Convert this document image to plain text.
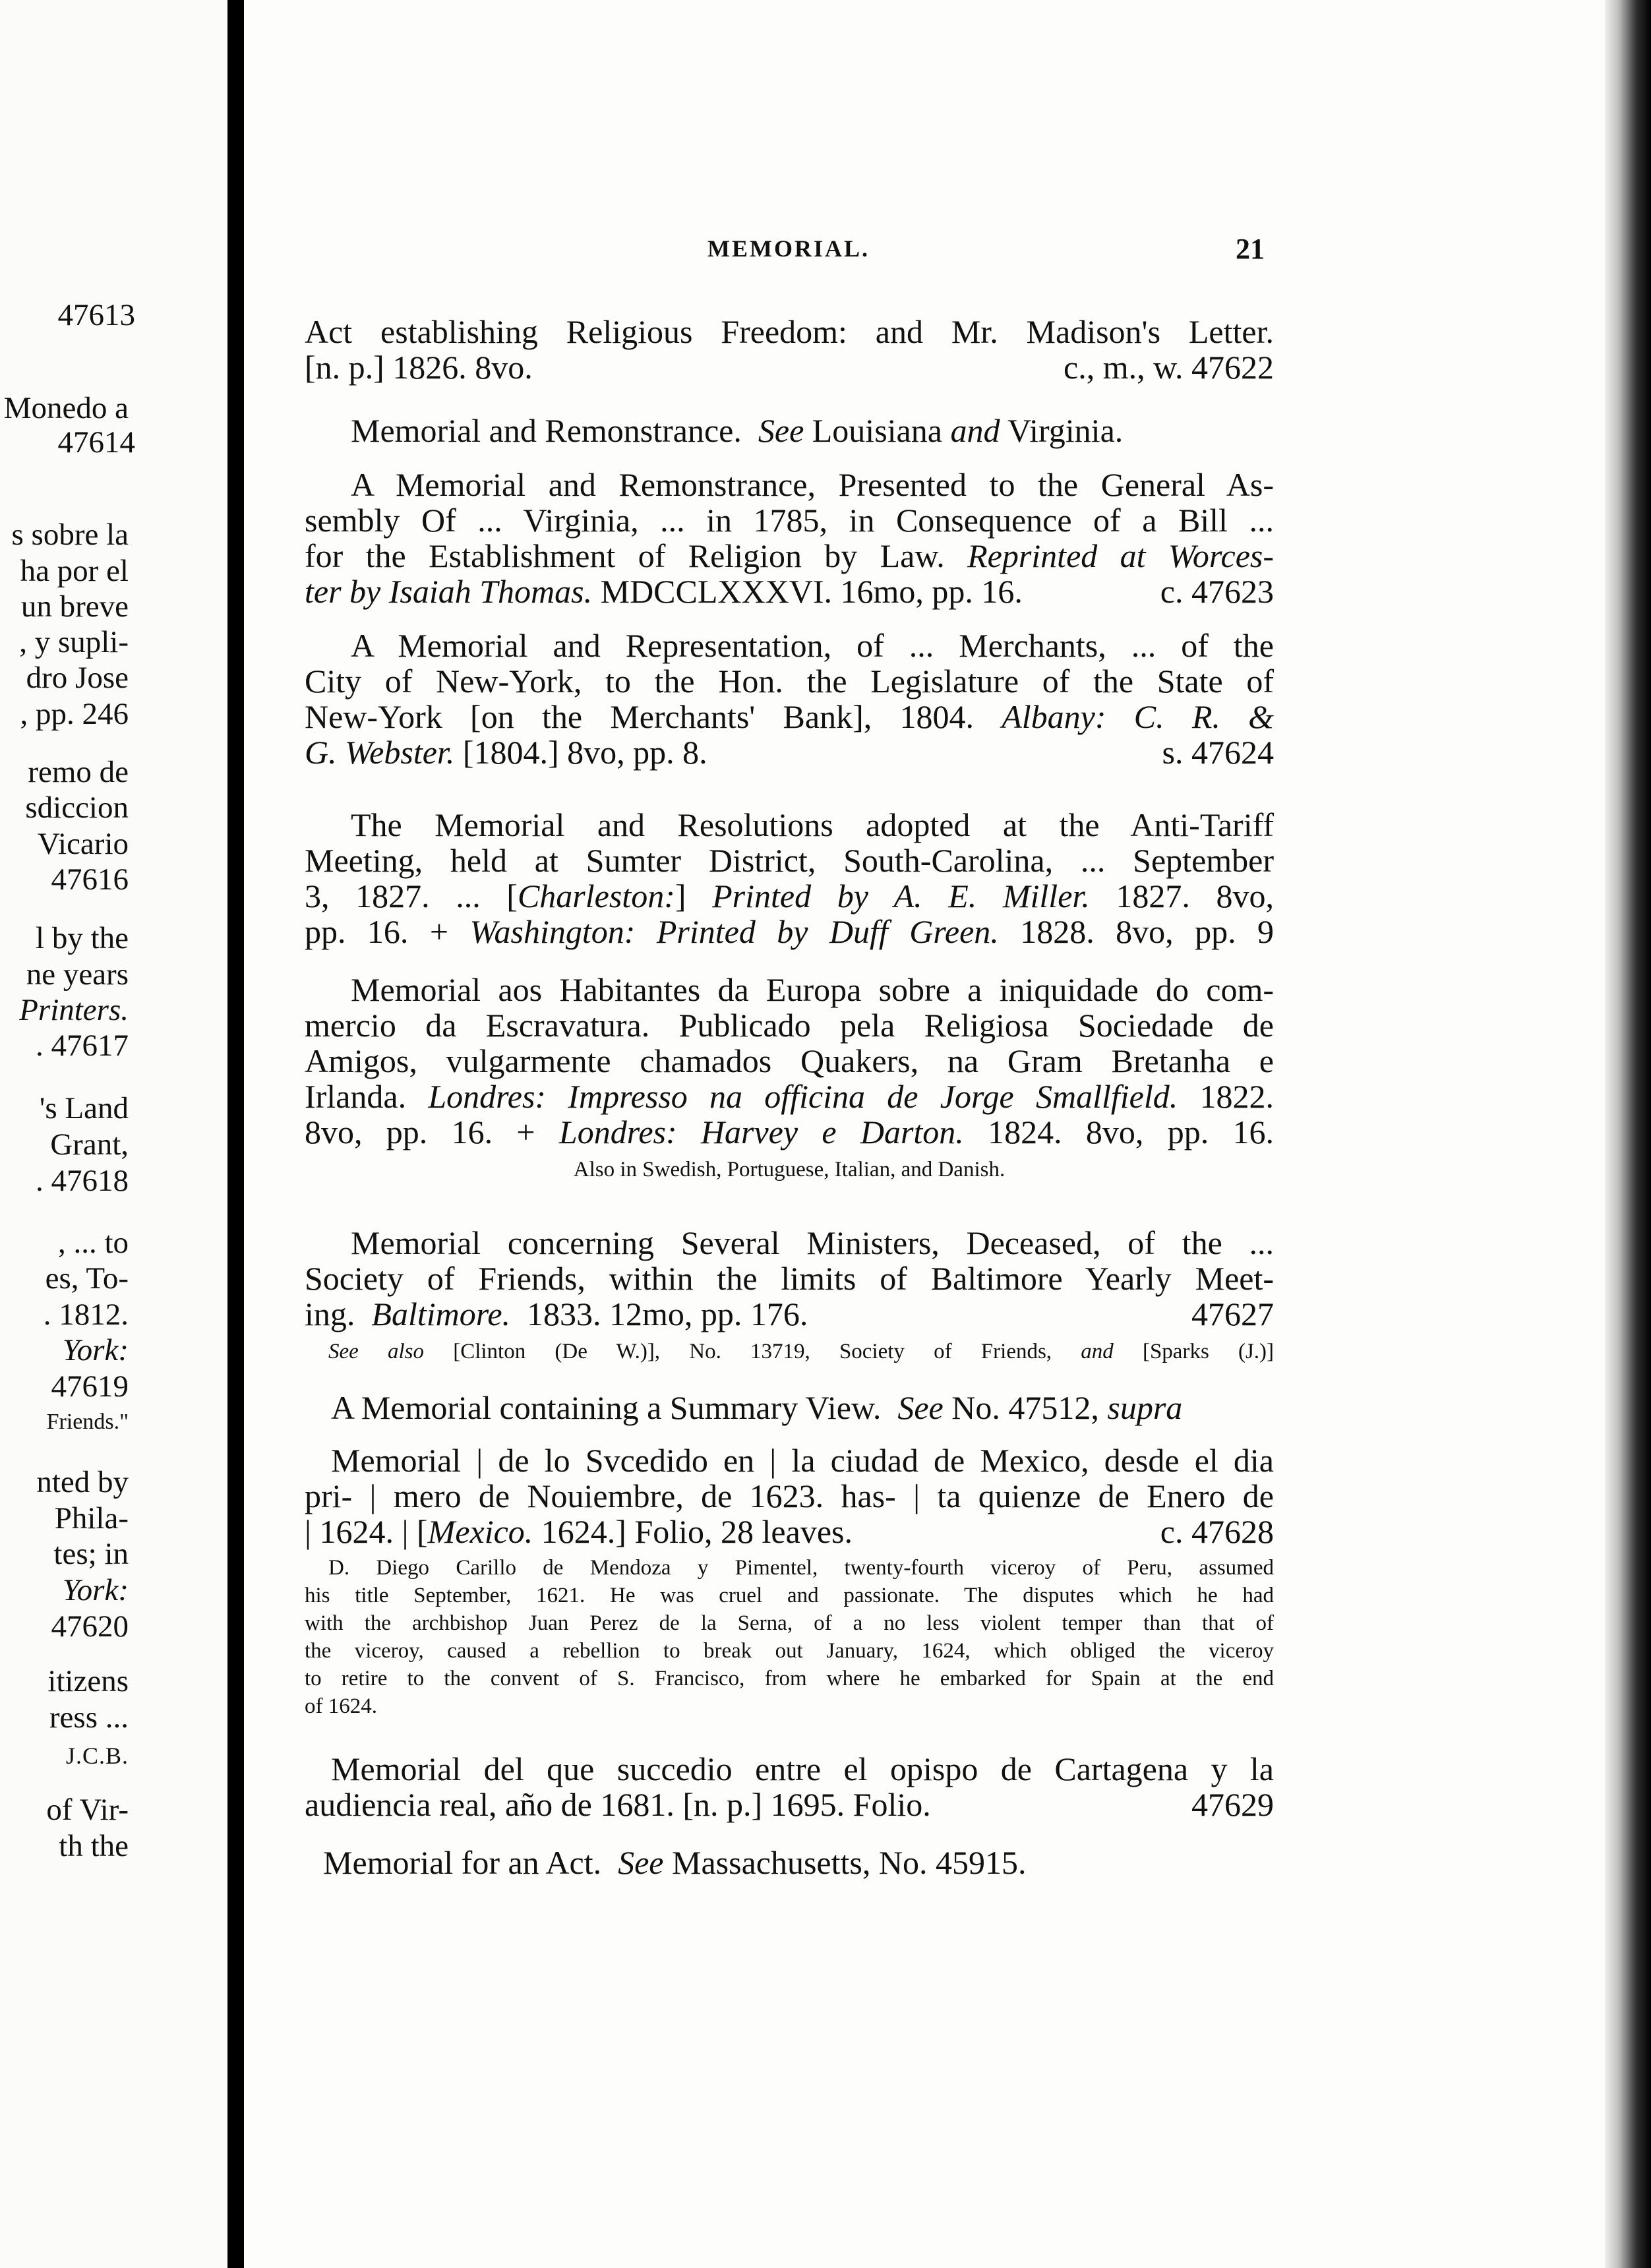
47613
Monedo a
47614
s sobre la
ha por el
un breve
, y supli-
dro Jose
, pp. 246
remo de
sdiccion
Vicario
47616
l by the
ne years
Printers.
. 47617
's Land
Grant,
. 47618
, ... to
es, To-
. 1812.
York:
47619
Friends."
nted by
Phila-
tes; in
York:
47620
itizens
ress ...
J.C.B.
of Vir-
th the
MEMORIAL.	21
Act establishing Religious Freedom: and Mr. Madison's Letter.
[n. p.] 1826. 8vo.	c., m., w. 47622
Memorial and Remonstrance. See Louisiana and Virginia.
A Memorial and Remonstrance, Presented to the General As-
sembly Of ... Virginia, ... in 1785, in Consequence of a Bill ...
for the Establishment of Religion by Law. Reprinted at Worces-
ter by Isaiah Thomas. MDCCLXXXVI. 16mo, pp. 16.	c. 47623
A Memorial and Representation, of ... Merchants, ... of the
City of New-York, to the Hon. the Legislature of the State of
New-York [on the Merchants' Bank], 1804. Albany: C. R. &
G. Webster. [1804.] 8vo, pp. 8.	s. 47624
The Memorial and Resolutions adopted at the Anti-Tariff
Meeting, held at Sumter District, South-Carolina, ... September
3, 1827. ... [Charleston:] Printed by A. E. Miller. 1827. 8vo,
pp. 16. + Washington: Printed by Duff Green. 1828. 8vo, pp. 9
Memorial aos Habitantes da Europa sobre a iniquidade do com-
mercio da Escravatura. Publicado pela Religiosa Sociedade de
Amigos, vulgarmente chamados Quakers, na Gram Bretanha e
Irlanda. Londres: Impresso na officina de Jorge Smallfield. 1822.
8vo, pp. 16. + Londres: Harvey e Darton. 1824. 8vo, pp. 16.
Also in Swedish, Portuguese, Italian, and Danish.
Memorial concerning Several Ministers, Deceased, of the ...
Society of Friends, within the limits of Baltimore Yearly Meet-
ing. Baltimore. 1833. 12mo, pp. 176.	47627
See also [Clinton (De W.)], No. 13719, Society of Friends, and [Sparks (J.)]
A Memorial containing a Summary View. See No. 47512, supra
Memorial | de lo Svcedido en | la ciudad de Mexico, desde el dia
pri- | mero de Nouiembre, de 1623. has- | ta quienze de Enero de
| 1624. | [Mexico. 1624.] Folio, 28 leaves.	c. 47628
D. Diego Carillo de Mendoza y Pimentel, twenty-fourth viceroy of Peru, assumed
his title September, 1621. He was cruel and passionate. The disputes which he had
with the archbishop Juan Perez de la Serna, of a no less violent temper than that of
the viceroy, caused a rebellion to break out January, 1624, which obliged the viceroy
to retire to the convent of S. Francisco, from where he embarked for Spain at the end
of 1624.
Memorial del que succedio entre el opispo de Cartagena y la
audiencia real, año de 1681. [n. p.] 1695. Folio.	47629
Memorial for an Act. See Massachusetts, No. 45915.
